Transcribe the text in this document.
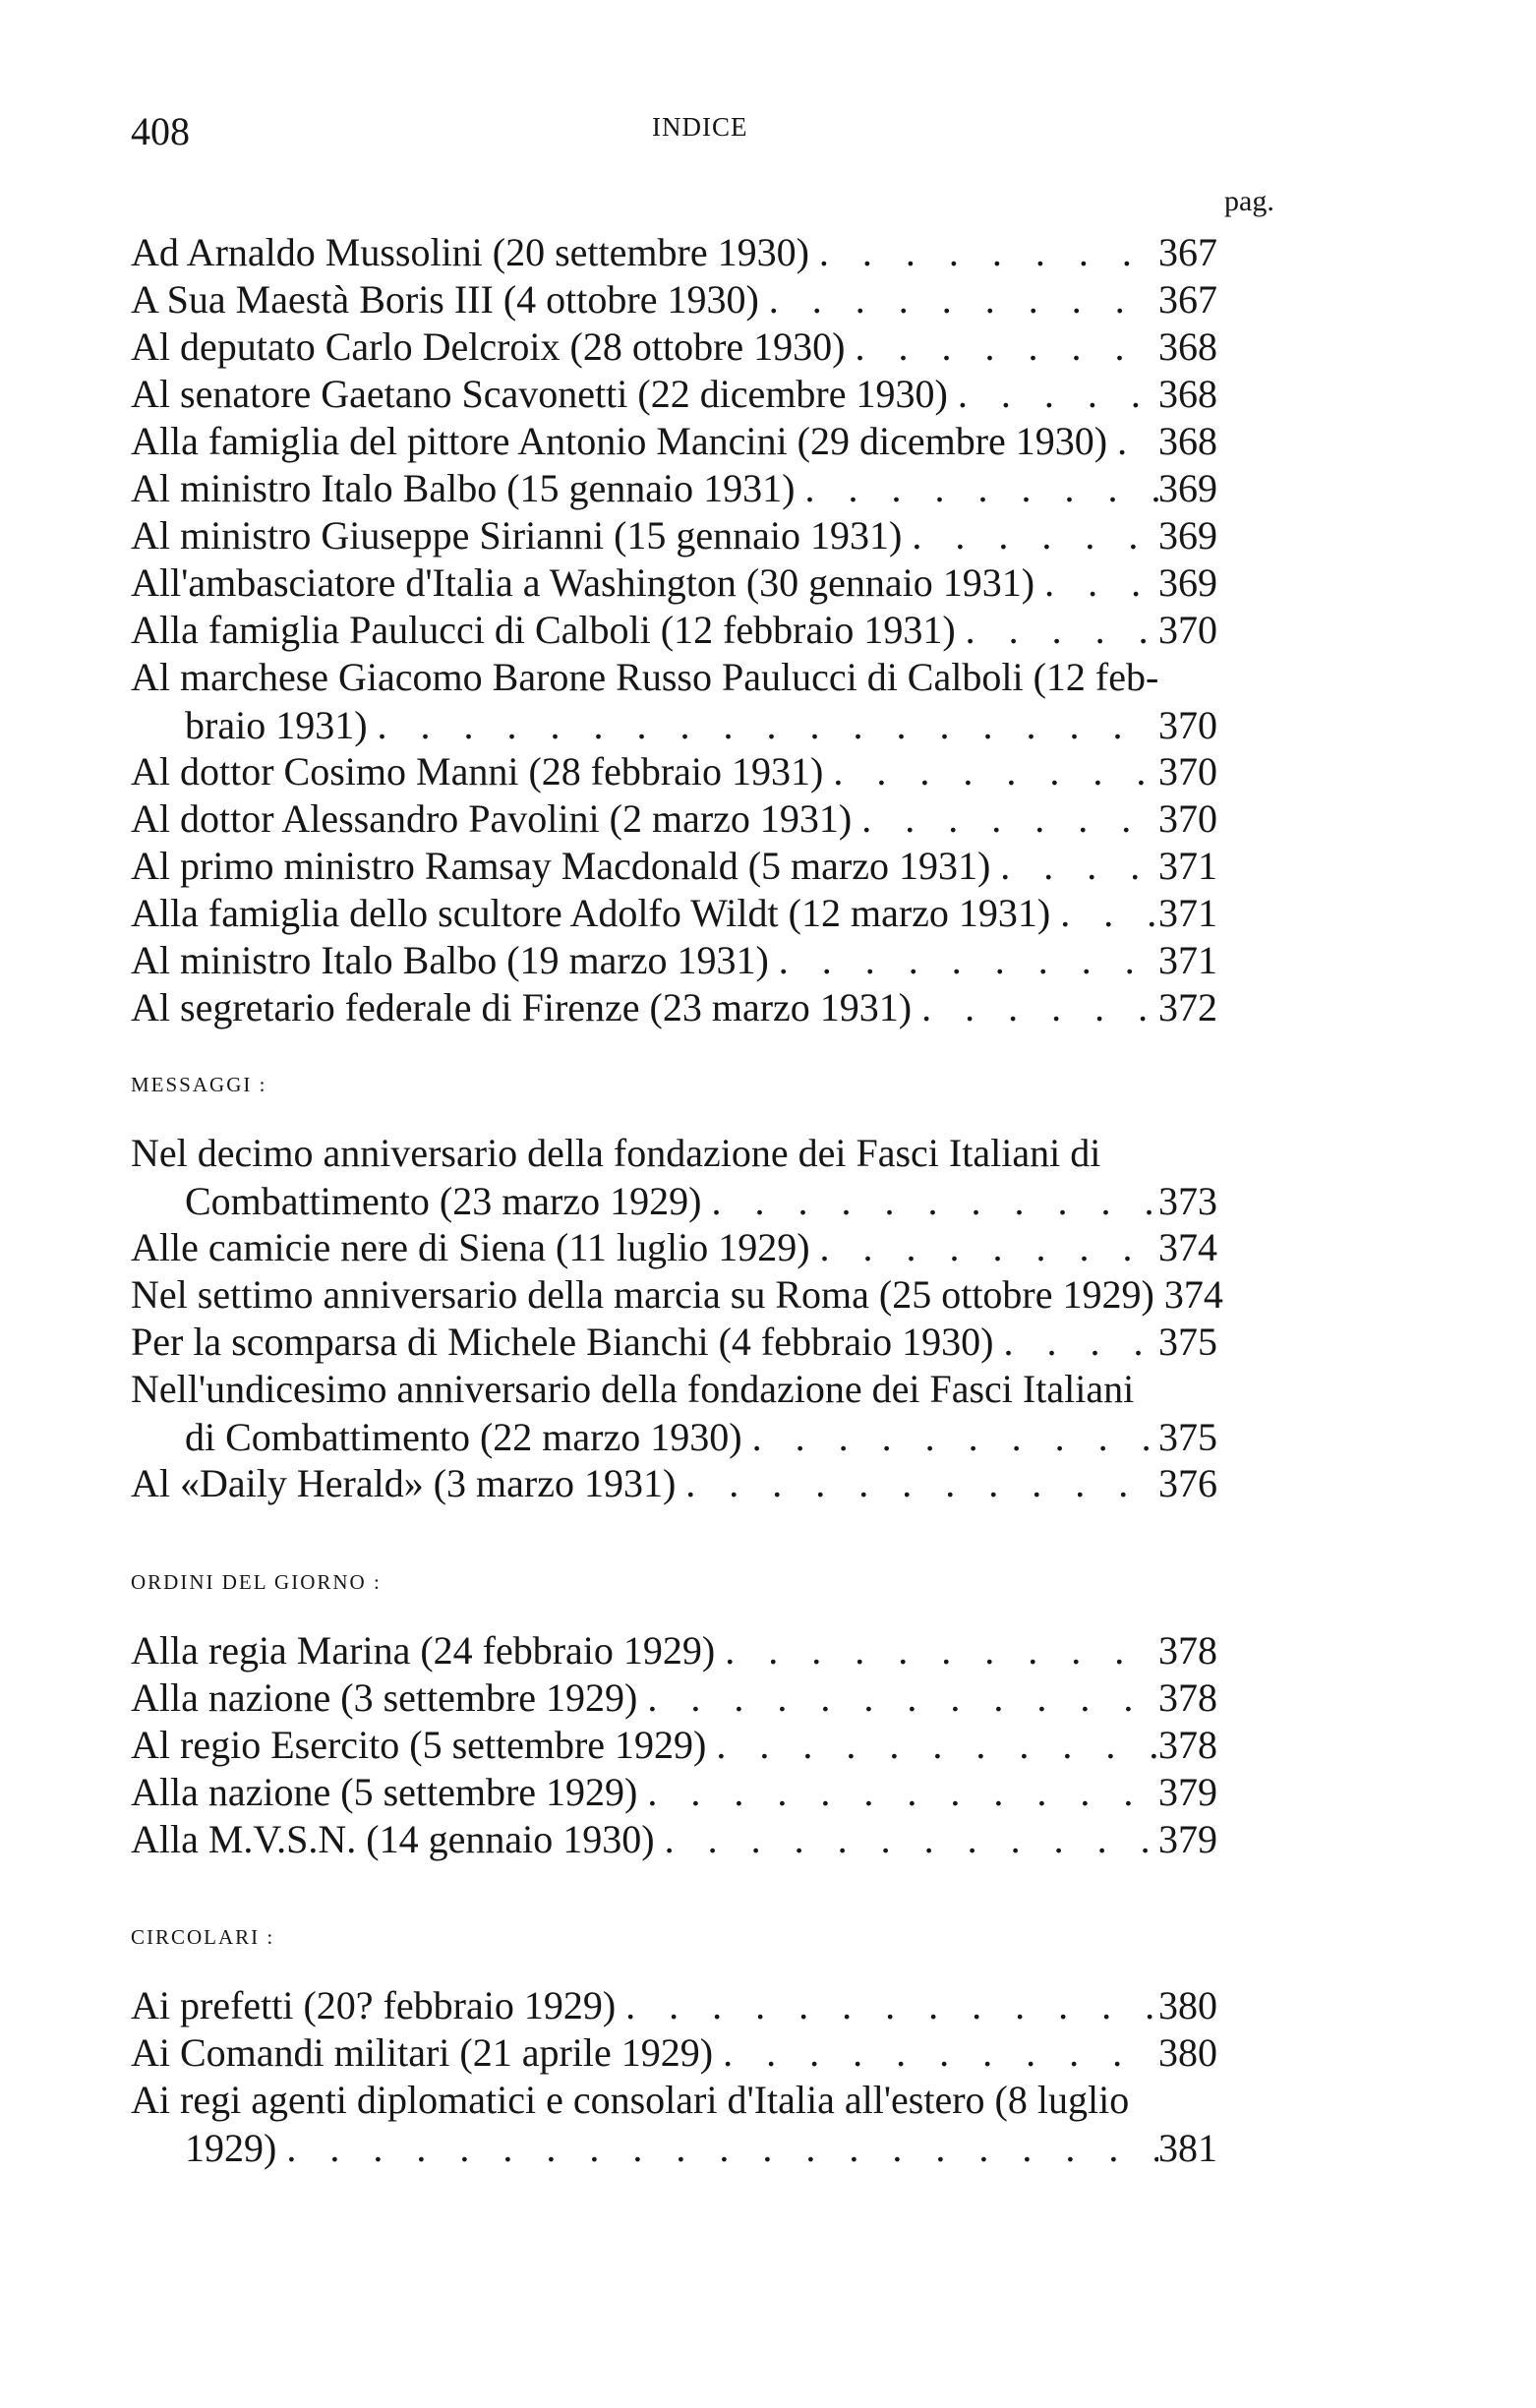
408	INDICE
pag.
Ad Arnaldo Mussolini (20 settembre 1930) . . .	367
A Sua Maestà Boris III (4 ottobre 1930) . . .	367
Al deputato Carlo Delcroix (28 ottobre 1930) . . .	368
Al senatore Gaetano Scavonetti (22 dicembre 1930) . . .	368
Alla famiglia del pittore Antonio Mancini (29 dicembre 1930) . . . 368
Al ministro Italo Balbo (15 gennaio 1931) . . .	369
Al ministro Giuseppe Sirianni (15 gennaio 1931) . . .	369
All'ambasciatore d'Italia a Washington (30 gennaio 1931) . . .	369
Alla famiglia Paulucci di Calboli (12 febbraio 1931) . . .	370
Al marchese Giacomo Barone Russo Paulucci di Calboli (12 feb-
braio 1931) . . .	370
Al dottor Cosimo Manni (28 febbraio 1931) . . .	370
Al dottor Alessandro Pavolini (2 marzo 1931) . . .	370
Al primo ministro Ramsay Macdonald (5 marzo 1931) . . .	371
Alla famiglia dello scultore Adolfo Wildt (12 marzo 1931) . . .	371
Al ministro Italo Balbo (19 marzo 1931) . . .	371
Al segretario federale di Firenze (23 marzo 1931) . . .	372
MESSAGGI :
Nel decimo anniversario della fondazione dei Fasci Italiani di
Combattimento (23 marzo 1929) . . .	373
Alle camicie nere di Siena (11 luglio 1929) . . .	374
Nel settimo anniversario della marcia su Roma (25 ottobre 1929) . . . 374
Per la scomparsa di Michele Bianchi (4 febbraio 1930) . . .	375
Nell'undicesimo anniversario della fondazione dei Fasci Italiani
di Combattimento (22 marzo 1930) . . .	375
Al «Daily Herald» (3 marzo 1931) . . .	376
ORDINI DEL GIORNO :
Alla regia Marina (24 febbraio 1929) . . .	378
Alla nazione (3 settembre 1929) . . .	378
Al regio Esercito (5 settembre 1929) . . .	378
Alla nazione (5 settembre 1929) . . .	379
Alla M.V.S.N. (14 gennaio 1930) . . .	379
CIRCOLARI :
Ai prefetti (20? febbraio 1929) . . .	380
Ai Comandi militari (21 aprile 1929) . . .	380
Ai regi agenti diplomatici e consolari d'Italia all'estero (8 luglio
1929) . . .	381
